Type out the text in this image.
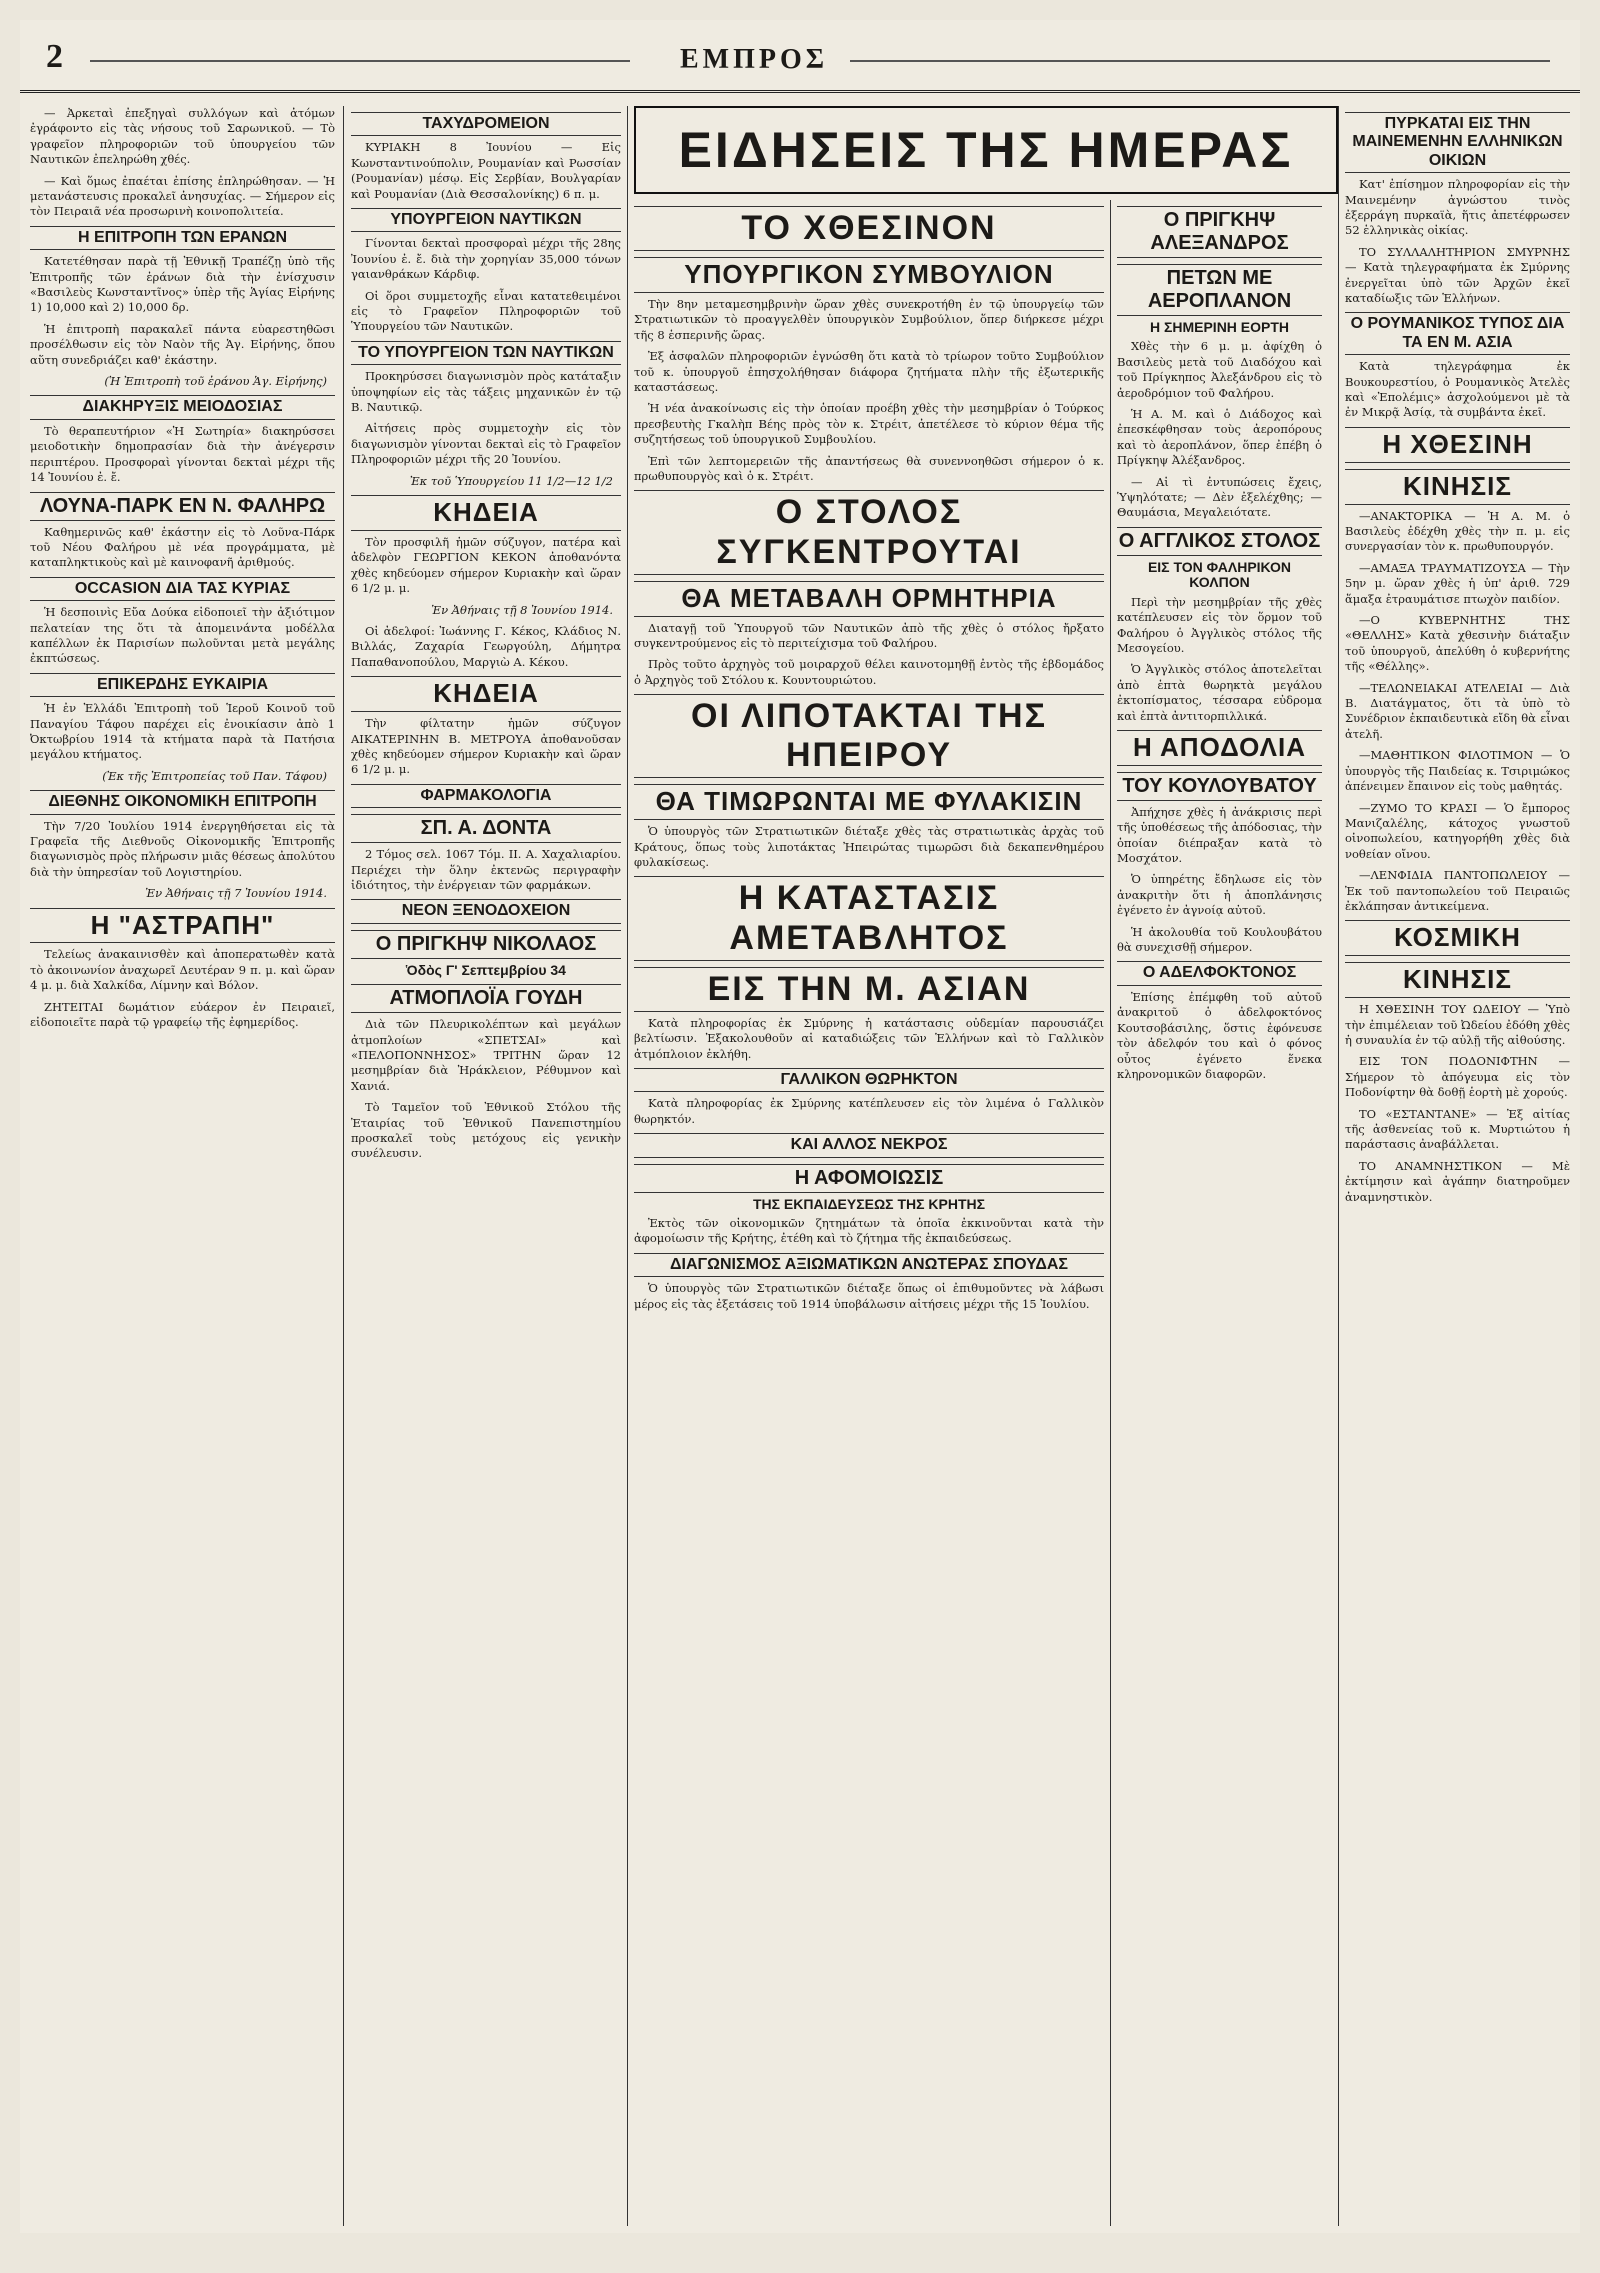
2	ΕΜΠΡΟΣ
ΕΙΔΗΣΕΙΣ ΤΗΣ ΗΜΕΡΑΣ
— Ἀρκεταὶ ἐπεξηγαὶ συλλόγων καὶ ἀτόμων ἐγράφοντο εἰς τὰς νήσους τοῦ Σαρωνικοῦ. — Τὸ γραφεῖον πληροφοριῶν τοῦ ὑπουργείου τῶν Ναυτικῶν ἐπεληρώθη χθές.
— Καὶ ὅμως ἐπαέται ἐπίσης ἐπληρώθησαν. — Ἡ μετανάστευσις προκαλεῖ ἀνησυχίας. — Σήμερον εἰς τὸν Πειραιᾶ νέα προσωρινὴ κοινοπολιτεία.
Η ΕΠΙΤΡΟΠΗ ΤΩΝ ΕΡΑΝΩΝ
Κατετέθησαν παρὰ τῇ Ἐθνικῇ Τραπέζῃ ὑπὸ τῆς Ἐπιτροπῆς τῶν ἐράνων διὰ τὴν ἐνίσχυσιν «Βασιλεὺς Κωνσταντῖνος» ὑπὲρ τῆς Ἁγίας Εἰρήνης 1) 10,000 καὶ 2) 10,000 δρ.
Ἡ ἐπιτροπὴ παρακαλεῖ πάντα εὐαρεστηθῶσι προσέλθωσιν εἰς τὸν Ναὸν τῆς Ἁγ. Εἰρήνης, ὅπου αὕτη συνεδριάζει καθ' ἑκάστην.
(Ἡ Ἐπιτροπὴ τοῦ ἐράνου Ἁγ. Εἰρήνης)
ΔΙΑΚΗΡΥΞΙΣ ΜΕΙΟΔΟΣΙΑΣ
Τὸ θεραπευτήριον «Ἡ Σωτηρία» διακηρύσσει μειοδοτικὴν δημοπρασίαν διὰ τὴν ἀνέγερσιν περιπτέρου. Προσφοραὶ γίνονται δεκταὶ μέχρι τῆς 14 Ἰουνίου ἐ. ἔ.
ΛΟΥΝΑ-ΠΑΡΚ ΕΝ Ν. ΦΑΛΗΡΩ
Καθημερινῶς καθ' ἑκάστην εἰς τὸ Λοῦνα-Πάρκ τοῦ Νέου Φαλήρου μὲ νέα προγράμματα, μὲ καταπληκτικοὺς καὶ μὲ καινοφανῆ ἀριθμούς.
OCCASION ΔΙΑ ΤΑΣ ΚΥΡΙΑΣ
Ἡ δεσποινὶς Εὔα Δούκα εἰδοποιεῖ τὴν ἀξιότιμον πελατείαν της ὅτι τὰ ἀπομεινάντα μοδέλλα καπέλλων ἐκ Παρισίων πωλοῦνται μετὰ μεγάλης ἐκπτώσεως.
ΕΠΙΚΕΡΔΗΣ ΕΥΚΑΙΡΙΑ
Ἡ ἐν Ἑλλάδι Ἐπιτροπὴ τοῦ Ἱεροῦ Κοινοῦ τοῦ Παναγίου Τάφου παρέχει εἰς ἐνοικίασιν ἀπὸ 1 Ὀκτωβρίου 1914 τὰ κτήματα παρὰ τὰ Πατήσια μεγάλου κτήματος.
(Ἐκ τῆς Ἐπιτροπείας τοῦ Παν. Τάφου)
ΔΙΕΘΝΗΣ ΟΙΚΟΝΟΜΙΚΗ ΕΠΙΤΡΟΠΗ
Τὴν 7/20 Ἰουλίου 1914 ἐνεργηθήσεται εἰς τὰ Γραφεῖα τῆς Διεθνοῦς Οἰκονομικῆς Ἐπιτροπῆς διαγωνισμὸς πρὸς πλήρωσιν μιᾶς θέσεως ἀπολύτου διὰ τὴν ὑπηρεσίαν τοῦ Λογιστηρίου.
Ἐν Ἀθήναις τῇ 7 Ἰουνίου 1914.
Η "ΑΣΤΡΑΠΗ"
Τελείως ἀνακαινισθὲν καὶ ἀποπερατωθὲν κατὰ τὸ ἀκοινωνίον ἀναχωρεῖ Δευτέραν 9 π. μ. καὶ ὥραν 4 μ. μ. διὰ Χαλκίδα, Λίμνην καὶ Βόλον.
ΖΗΤΕΙΤΑΙ δωμάτιον εὐάερον ἐν Πειραιεῖ, εἰδοποιεῖτε παρὰ τῷ γραφείῳ τῆς ἐφημερίδος.
ΤΑΧΥΔΡΟΜΕΙΟΝ
ΚΥΡΙΑΚΗ 8 Ἰουνίου — Εἰς Κωνσταντινούπολιν, Ρουμανίαν καὶ Ρωσσίαν (Ρουμανίαν) μέσῳ. Εἰς Σερβίαν, Βουλγαρίαν καὶ Ρουμανίαν (Διὰ Θεσσαλονίκης) 6 π. μ.
ΥΠΟΥΡΓΕΙΟΝ ΝΑΥΤΙΚΩΝ
Γίνονται δεκταὶ προσφοραὶ μέχρι τῆς 28ης Ἰουνίου ἐ. ἔ. διὰ τὴν χορηγίαν 35,000 τόνων γαιανθράκων Κάρδιφ.
Οἱ ὅροι συμμετοχῆς εἶναι κατατεθειμένοι εἰς τὸ Γραφεῖον Πληροφοριῶν τοῦ Ὑπουργείου τῶν Ναυτικῶν.
ΤΟ ΥΠΟΥΡΓΕΙΟΝ ΤΩΝ ΝΑΥΤΙΚΩΝ
Προκηρύσσει διαγωνισμὸν πρὸς κατάταξιν ὑποψηφίων εἰς τὰς τάξεις μηχανικῶν ἐν τῷ Β. Ναυτικῷ.
Αἰτήσεις πρὸς συμμετοχὴν εἰς τὸν διαγωνισμὸν γίνονται δεκταὶ εἰς τὸ Γραφεῖον Πληροφοριῶν μέχρι τῆς 20 Ἰουνίου.
Ἐκ τοῦ Ὑπουργείου 11 1/2—12 1/2
ΚΗΔΕΙΑ
Τὸν προσφιλῆ ἡμῶν σύζυγον, πατέρα καὶ ἀδελφὸν ΓΕΩΡΓΙΟΝ ΚΕΚΟΝ ἀποθανόντα χθὲς κηδεύομεν σήμερον Κυριακὴν καὶ ὥραν 6 1/2 μ. μ.
Ἐν Ἀθήναις τῇ 8 Ἰουνίου 1914.
Οἱ ἀδελφοί: Ἰωάννης Γ. Κέκος, Κλάδιος Ν. Βιλλάς, Ζαχαρία Γεωργούλη, Δήμητρα Παπαθανοπούλου, Μαργιὼ Α. Κέκου.
ΚΗΔΕΙΑ
Τὴν φίλτατην ἡμῶν σύζυγον ΑΙΚΑΤΕΡΙΝΗΝ Β. ΜΕΤΡΟΥΑ ἀποθανοῦσαν χθὲς κηδεύομεν σήμερον Κυριακὴν καὶ ὥραν 6 1/2 μ. μ.
ΦΑΡΜΑΚΟΛΟΓΙΑ
ΣΠ. Α. ΔΟΝΤΑ
2 Τόμος σελ. 1067 Τόμ. ΙΙ. Α. Χαχαλιαρίου. Περιέχει τὴν ὅλην ἐκτενῶς περιγραφὴν ἰδιότητος, τὴν ἐνέργειαν τῶν φαρμάκων.
ΝΕΟΝ ΞΕΝΟΔΟΧΕΙΟΝ
Ο ΠΡΙΓΚΗΨ ΝΙΚΟΛΑΟΣ
Ὁδὸς Γ' Σεπτεμβρίου 34
ΑΤΜΟΠΛΟΪΑ ΓΟΥΔΗ
Διὰ τῶν Πλευρικολέπτων καὶ μεγάλων ἀτμοπλοίων «ΣΠΕΤΣΑΙ» καὶ «ΠΕΛΟΠΟΝΝΗΣΟΣ» ΤΡΙΤΗΝ ὥραν 12 μεσημβρίαν διὰ Ἡράκλειον, Ρέθυμνον καὶ Χανιά.
Τὸ Ταμεῖον τοῦ Ἐθνικοῦ Στόλου τῆς Ἐταιρίας τοῦ Ἐθνικοῦ Πανεπιστημίου προσκαλεῖ τοὺς μετόχους εἰς γενικὴν συνέλευσιν.
ΤΟ ΧΘΕΣΙΝΟΝ
ΥΠΟΥΡΓΙΚΟΝ ΣΥΜΒΟΥΛΙΟΝ
Τὴν 8ην μεταμεσημβρινὴν ὥραν χθὲς συνεκροτήθη ἐν τῷ ὑπουργείῳ τῶν Στρατιωτικῶν τὸ προαγγελθὲν ὑπουργικὸν Συμβούλιον, ὅπερ διήρκεσε μέχρι τῆς 8 ἑσπερινῆς ὥρας.
Ἐξ ἀσφαλῶν πληροφοριῶν ἐγνώσθη ὅτι κατὰ τὸ τρίωρον τοῦτο Συμβούλιον τοῦ κ. ὑπουργοῦ ἐπησχολήθησαν διάφορα ζητήματα πλὴν τῆς ἐξωτερικῆς καταστάσεως.
Ἡ νέα ἀνακοίνωσις εἰς τὴν ὁποίαν προέβη χθὲς τὴν μεσημβρίαν ὁ Τούρκος πρεσβευτὴς Γκαλὴπ Βέης πρὸς τὸν κ. Στρέιτ, ἀπετέλεσε τὸ κύριον θέμα τῆς συζητήσεως τοῦ ὑπουργικοῦ Συμβουλίου.
Ἐπὶ τῶν λεπτομερειῶν τῆς ἀπαντήσεως θὰ συνεννοηθῶσι σήμερον ὁ κ. πρωθυπουργὸς καὶ ὁ κ. Στρέιτ.
Ο ΣΤΟΛΟΣ ΣΥΓΚΕΝΤΡΟΥΤΑΙ
ΘΑ ΜΕΤΑΒΑΛΗ ΟΡΜΗΤΗΡΙΑ
Διαταγῇ τοῦ Ὑπουργοῦ τῶν Ναυτικῶν ἀπὸ τῆς χθὲς ὁ στόλος ἤρξατο συγκεντρούμενος εἰς τὸ περιτείχισμα τοῦ Φαλήρου.
Πρὸς τοῦτο ἀρχηγὸς τοῦ μοιραρχοῦ θέλει καινοτομηθῇ ἐντὸς τῆς ἑβδομάδος ὁ Ἀρχηγὸς τοῦ Στόλου κ. Κουντουριώτου.
ΟΙ ΛΙΠΟΤΑΚΤΑΙ ΤΗΣ ΗΠΕΙΡΟΥ
ΘΑ ΤΙΜΩΡΩΝΤΑΙ ΜΕ ΦΥΛΑΚΙΣΙΝ
Ὁ ὑπουργὸς τῶν Στρατιωτικῶν διέταξε χθὲς τὰς στρατιωτικὰς ἀρχὰς τοῦ Κράτους, ὅπως τοὺς λιποτάκτας Ἠπειρώτας τιμωρῶσι διὰ δεκαπενθημέρου φυλακίσεως.
Η ΚΑΤΑΣΤΑΣΙΣ ΑΜΕΤΑΒΛΗΤΟΣ
ΕΙΣ ΤΗΝ Μ. ΑΣΙΑΝ
Κατὰ πληροφορίας ἐκ Σμύρνης ἡ κατάστασις οὐδεμίαν παρουσιάζει βελτίωσιν. Ἐξακολουθοῦν αἱ καταδιώξεις τῶν Ἑλλήνων καὶ τὸ Γαλλικὸν ἀτμόπλοιον ἐκλήθη.
ΓΑΛΛΙΚΟΝ ΘΩΡΗΚΤΟΝ
Κατὰ πληροφορίας ἐκ Σμύρνης κατέπλευσεν εἰς τὸν λιμένα ὁ Γαλλικὸν θωρηκτόν.
ΚΑΙ ΑΛΛΟΣ ΝΕΚΡΟΣ
Η ΑΦΟΜΟΙΩΣΙΣ
ΤΗΣ ΕΚΠΑΙΔΕΥΣΕΩΣ ΤΗΣ ΚΡΗΤΗΣ
Ἐκτὸς τῶν οἰκονομικῶν ζητημάτων τὰ ὁποῖα ἐκκινοῦνται κατὰ τὴν ἀφομοίωσιν τῆς Κρήτης, ἐτέθη καὶ τὸ ζήτημα τῆς ἐκπαιδεύσεως.
ΔΙΑΓΩΝΙΣΜΟΣ ΑΞΙΩΜΑΤΙΚΩΝ ΑΝΩΤΕΡΑΣ ΣΠΟΥΔΑΣ
Ὁ ὑπουργὸς τῶν Στρατιωτικῶν διέταξε ὅπως οἱ ἐπιθυμοῦντες νὰ λάβωσι μέρος εἰς τὰς ἐξετάσεις τοῦ 1914 ὑποβάλωσιν αἰτήσεις μέχρι τῆς 15 Ἰουλίου.
Ο ΠΡΙΓΚΗΨ ΑΛΕΞΑΝΔΡΟΣ
ΠΕΤΩΝ ΜΕ ΑΕΡΟΠΛΑΝΟΝ
Η ΣΗΜΕΡΙΝΗ ΕΟΡΤΗ
Χθὲς τὴν 6 μ. μ. ἀφίχθη ὁ Βασιλεὺς μετὰ τοῦ Διαδόχου καὶ τοῦ Πρίγκηπος Ἀλεξάνδρου εἰς τὸ ἀεροδρόμιον τοῦ Φαλήρου.
Ἡ Α. Μ. καὶ ὁ Διάδοχος καὶ ἐπεσκέφθησαν τοὺς ἀεροπόρους καὶ τὸ ἀεροπλάνον, ὅπερ ἐπέβη ὁ Πρίγκηψ Ἀλέξανδρος.
— Αἱ τὶ ἐντυπώσεις ἔχεις, Ὑψηλότατε; — Δὲν ἐξελέχθης; — Θαυμάσια, Μεγαλειότατε.
Ο ΑΓΓΛΙΚΟΣ ΣΤΟΛΟΣ
ΕΙΣ ΤΟΝ ΦΑΛΗΡΙΚΟΝ ΚΟΛΠΟΝ
Περὶ τὴν μεσημβρίαν τῆς χθὲς κατέπλευσεν εἰς τὸν ὅρμον τοῦ Φαλήρου ὁ Ἀγγλικὸς στόλος τῆς Μεσογείου.
Ὁ Ἀγγλικὸς στόλος ἀποτελεῖται ἀπὸ ἑπτὰ θωρηκτὰ μεγάλου ἐκτοπίσματος, τέσσαρα εὐδρομα καὶ ἑπτὰ ἀντιτορπιλλικά.
Η ΑΠΟΔΟΛΙΑ
ΤΟΥ ΚΟΥΛΟΥΒΑΤΟΥ
Ἀπήχησε χθὲς ἡ ἀνάκρισις περὶ τῆς ὑποθέσεως τῆς ἀπόδοσιας, τὴν ὁποίαν διέπραξαν κατὰ τὸ Μοσχάτον.
Ὁ ὑπηρέτης ἔδηλωσε εἰς τὸν ἀνακριτὴν ὅτι ἡ ἀποπλάνησις ἐγένετο ἐν ἀγνοίᾳ αὐτοῦ.
Ἡ ἀκολουθία τοῦ Κουλουβάτου θὰ συνεχισθῇ σήμερον.
Ο ΑΔΕΛΦΟΚΤΟΝΟΣ
Ἐπίσης ἐπέμφθη τοῦ αὐτοῦ ἀνακριτοῦ ὁ ἀδελφοκτόνος Κουτσοβάσιλης, ὅστις ἐφόνευσε τὸν ἀδελφόν του καὶ ὁ φόνος οὗτος ἐγένετο ἕνεκα κληρονομικῶν διαφορῶν.
ΠΥΡΚΑΤΑΙ ΕΙΣ ΤΗΝ ΜΑΙΝΕΜΕΝΗΝ ΕΛΛΗΝΙΚΩΝ ΟΙΚΙΩΝ
Κατ' ἐπίσημον πληροφορίαν εἰς τὴν Μαινεμένην ἀγνώστου τινὸς ἐξερράγη πυρκαϊὰ, ἥτις ἀπετέφρωσεν 52 ἑλληνικὰς οἰκίας.
ΤΟ ΣΥΛΛΑΛΗΤΗΡΙΟΝ ΣΜΥΡΝΗΣ — Κατὰ τηλεγραφήματα ἐκ Σμύρνης ἐνεργεῖται ὑπὸ τῶν Ἀρχῶν ἐκεῖ καταδίωξις τῶν Ἑλλήνων.
Ο ΡΟΥΜΑΝΙΚΟΣ ΤΥΠΟΣ ΔΙΑ ΤΑ ΕΝ Μ. ΑΣΙΑ
Κατὰ τηλεγράφημα ἐκ Βουκουρεστίου, ὁ Ρουμανικὸς Ἀτελὲς καὶ «Ἐπολέμις» ἀσχολούμενοι μὲ τὰ ἐν Μικρᾷ Ἀσίᾳ, τὰ συμβάντα ἐκεῖ.
Η ΧΘΕΣΙΝΗ
ΚΙΝΗΣΙΣ
—ΑΝΑΚΤΟΡΙΚΑ — Ἡ Α. Μ. ὁ Βασιλεὺς ἐδέχθη χθὲς τὴν π. μ. εἰς συνεργασίαν τὸν κ. πρωθυπουργόν.
—ΑΜΑΞΑ ΤΡΑΥΜΑΤΙΖΟΥΣΑ — Τὴν 5ην μ. ὥραν χθὲς ἡ ὑπ' ἀριθ. 729 ἅμαξα ἐτραυμάτισε πτωχὸν παιδίον.
—Ο ΚΥΒΕΡΝΗΤΗΣ ΤΗΣ «ΘΕΛΛΗΣ» Κατὰ χθεσινὴν διάταξιν τοῦ ὑπουργοῦ, ἀπελύθη ὁ κυβερνήτης τῆς «Θέλλης».
—ΤΕΛΩΝΕΙΑΚΑΙ ΑΤΕΛΕΙΑΙ — Διὰ Β. Διατάγματος, ὅτι τὰ ὑπὸ τὸ Συνέδριον ἐκπαιδευτικὰ εἴδη θὰ εἶναι ἀτελῆ.
—ΜΑΘΗΤΙΚΟΝ ΦΙΛΟΤΙΜΟΝ — Ὁ ὑπουργὸς τῆς Παιδείας κ. Τσιριμώκος ἀπένειμεν ἔπαινον εἰς τοὺς μαθητάς.
—ΖΥΜΟ ΤΟ ΚΡΑΣΙ — Ὁ ἔμπορος Μανιζαλέλης, κάτοχος γνωστοῦ οἰνοπωλείου, κατηγορήθη χθὲς διὰ νοθείαν οἴνου.
—ΛΕΝΦΙΔΙΑ ΠΑΝΤΟΠΩΛΕΙΟΥ — Ἐκ τοῦ παντοπωλείου τοῦ Πειραιῶς ἐκλάπησαν ἀντικείμενα.
ΚΟΣΜΙΚΗ
ΚΙΝΗΣΙΣ
Η ΧΘΕΣΙΝΗ ΤΟΥ ΩΔΕΙΟΥ — Ὑπὸ τὴν ἐπιμέλειαν τοῦ Ὠδείου ἐδόθη χθὲς ἡ συναυλία ἐν τῷ αὐλῇ τῆς αἰθούσης.
ΕΙΣ ΤΟΝ ΠΟΔΟΝΙΦΤΗΝ — Σήμερον τὸ ἀπόγευμα εἰς τὸν Ποδονίφτην θὰ δοθῇ ἑορτὴ μὲ χορούς.
ΤΟ «ΕΣΤΑΝΤΑΝΕ» — Ἐξ αἰτίας τῆς ἀσθενείας τοῦ κ. Μυρτιώτου ἡ παράστασις ἀναβάλλεται.
ΤΟ ΑΝΑΜΝΗΣΤΙΚΟΝ — Μὲ ἐκτίμησιν καὶ ἀγάπην διατηροῦμεν ἀναμνηστικὸν.
